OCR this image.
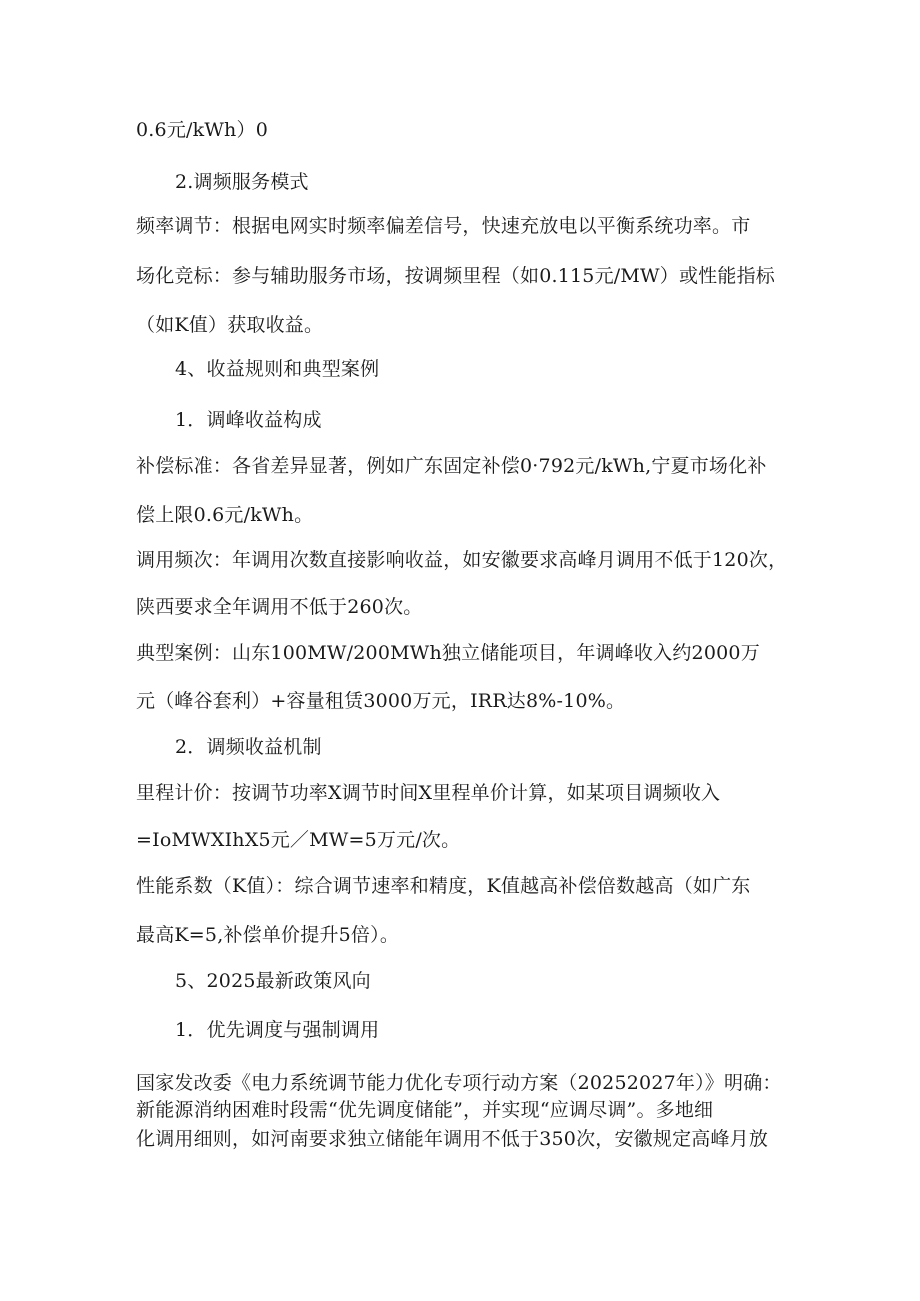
0.6元/kWh）0
2.调频服务模式
频率调节：根据电网实时频率偏差信号，快速充放电以平衡系统功率。市
场化竞标：参与辅助服务市场，按调频里程（如0.115元/MW）或性能指标
（如K值）获取收益。
4、收益规则和典型案例
1．调峰收益构成
补偿标准：各省差异显著，例如广东固定补偿0·792元/kWh,宁夏市场化补
偿上限0.6元/kWh。
调用频次：年调用次数直接影响收益，如安徽要求高峰月调用不低于120次，
陕西要求全年调用不低于260次。
典型案例：山东100MW/200MWh独立储能项目，年调峰收入约2000万
元（峰谷套利）+容量租赁3000万元，IRR达8%-10%。
2．调频收益机制
里程计价：按调节功率X调节时间X里程单价计算，如某项目调频收入
=IoMWXIhX5元／MW=5万元/次。
性能系数（K值）：综合调节速率和精度，K值越高补偿倍数越高（如广东
最高K=5,补偿单价提升5倍）。
5、2025最新政策风向
1．优先调度与强制调用
国家发改委《电力系统调节能力优化专项行动方案（20252027年）》明确：
新能源消纳困难时段需“优先调度储能”，并实现“应调尽调”。多地细
化调用细则，如河南要求独立储能年调用不低于350次，安徽规定高峰月放
